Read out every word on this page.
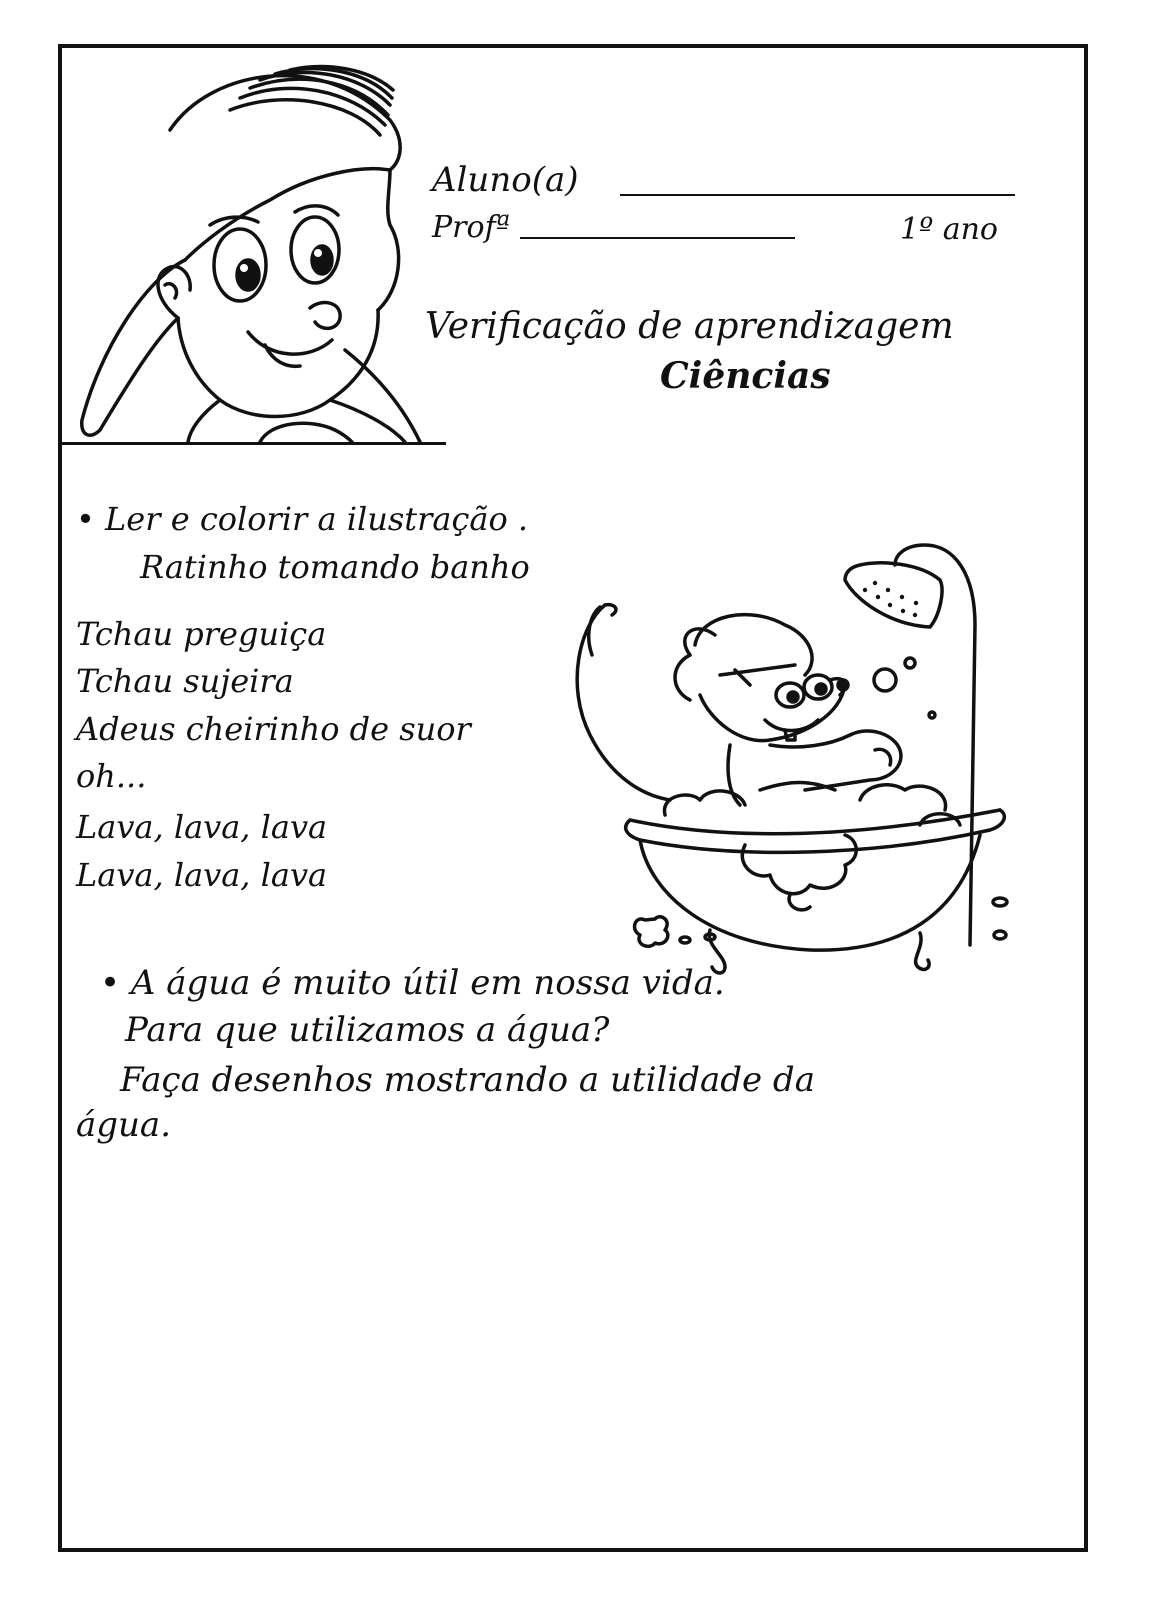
Aluno(a)
Profª	1º ano
Verificação de aprendizagem
Ciências
• Ler e colorir a ilustração .
Ratinho tomando banho
Tchau preguiça
Tchau sujeira
Adeus cheirinho de suor
oh...
Lava, lava, lava
Lava, lava, lava
• A água é muito útil em nossa vida.
Para que utilizamos a água?
Faça desenhos mostrando a utilidade da
água.
